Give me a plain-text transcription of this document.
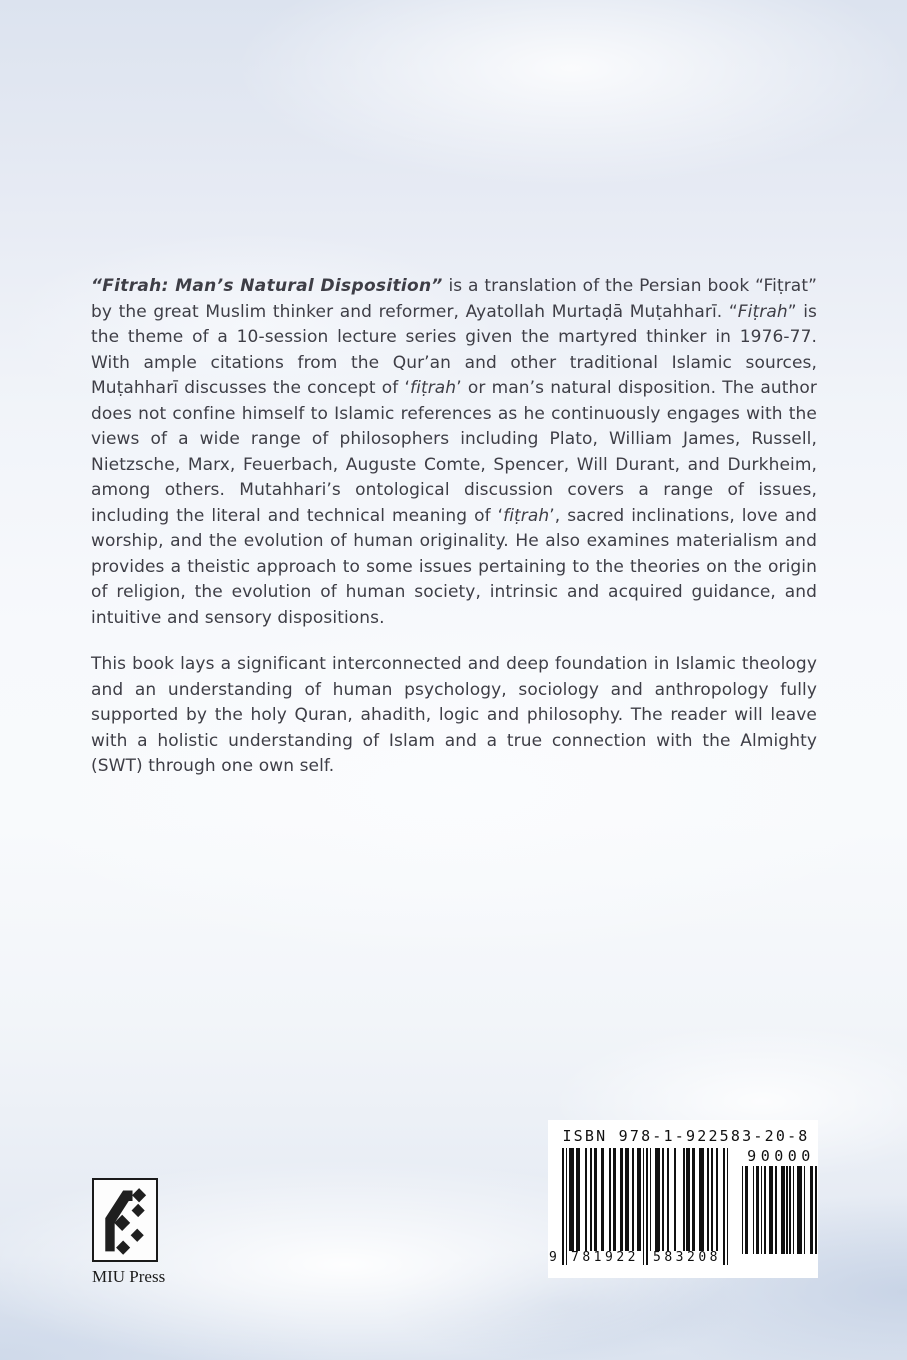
“Fitrah: Man’s Natural Disposition” is a translation of the Persian book “Fiṭrat” by the great Muslim thinker and reformer, Ayatollah Murtaḍā Muṭahharī. “Fiṭrah” is the theme of a 10-session lecture series given the martyred thinker in 1976-77. With ample citations from the Qur’an and other traditional Islamic sources, Muṭahharī discusses the concept of ‘fiṭrah’ or man’s natural disposition. The author does not confine himself to Islamic references as he continuously engages with the views of a wide range of philosophers including Plato, William James, Russell, Nietzsche, Marx, Feuerbach, Auguste Comte, Spencer, Will Durant, and Durkheim, among others. Mutahhari’s ontological discussion covers a range of issues, including the literal and technical meaning of ‘fiṭrah’, sacred inclinations, love and worship, and the evolution of human originality. He also examines materialism and provides a theistic approach to some issues pertaining to the theories on the origin of religion, the evolution of human society, intrinsic and acquired guidance, and intuitive and sensory dispositions.

This book lays a significant interconnected and deep foundation in Islamic theology and an understanding of human psychology, sociology and anthropology fully supported by the holy Quran, ahadith, logic and philosophy. The reader will leave with a holistic understanding of Islam and a true connection with the Almighty (SWT) through one own self.

ISBN 978-1-922583-20-8
9 781922 583208
90000
MIU Press
